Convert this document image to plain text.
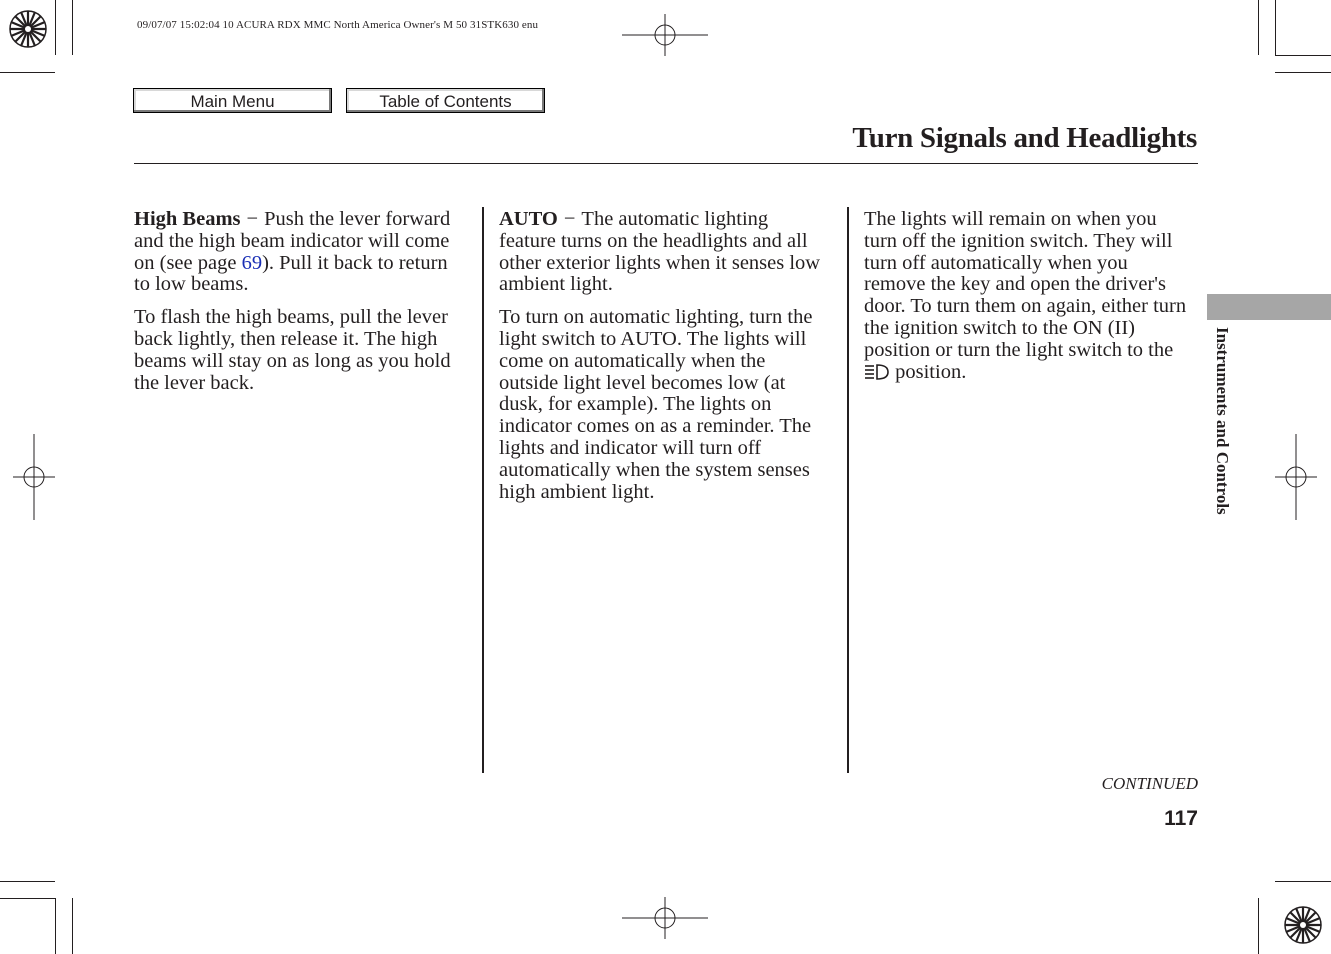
09/07/07 15:02:04 10 ACURA RDX MMC North America Owner's M 50 31STK630 enu
Main Menu	Table of Contents
Turn Signals and Headlights

High Beams − Push the lever forward and the high beam indicator will come on (see page 69). Pull it back to return to low beams.

To flash the high beams, pull the lever back lightly, then release it. The high beams will stay on as long as you hold the lever back.

AUTO − The automatic lighting feature turns on the headlights and all other exterior lights when it senses low ambient light.

To turn on automatic lighting, turn the light switch to AUTO. The lights will come on automatically when the outside light level becomes low (at dusk, for example). The lights on indicator comes on as a reminder. The lights and indicator will turn off automatically when the system senses high ambient light.

The lights will remain on when you turn off the ignition switch. They will turn off automatically when you remove the key and open the driver's door. To turn them on again, either turn the ignition switch to the ON (II) position or turn the light switch to the  position.	Instruments and Controls
CONTINUED
117
